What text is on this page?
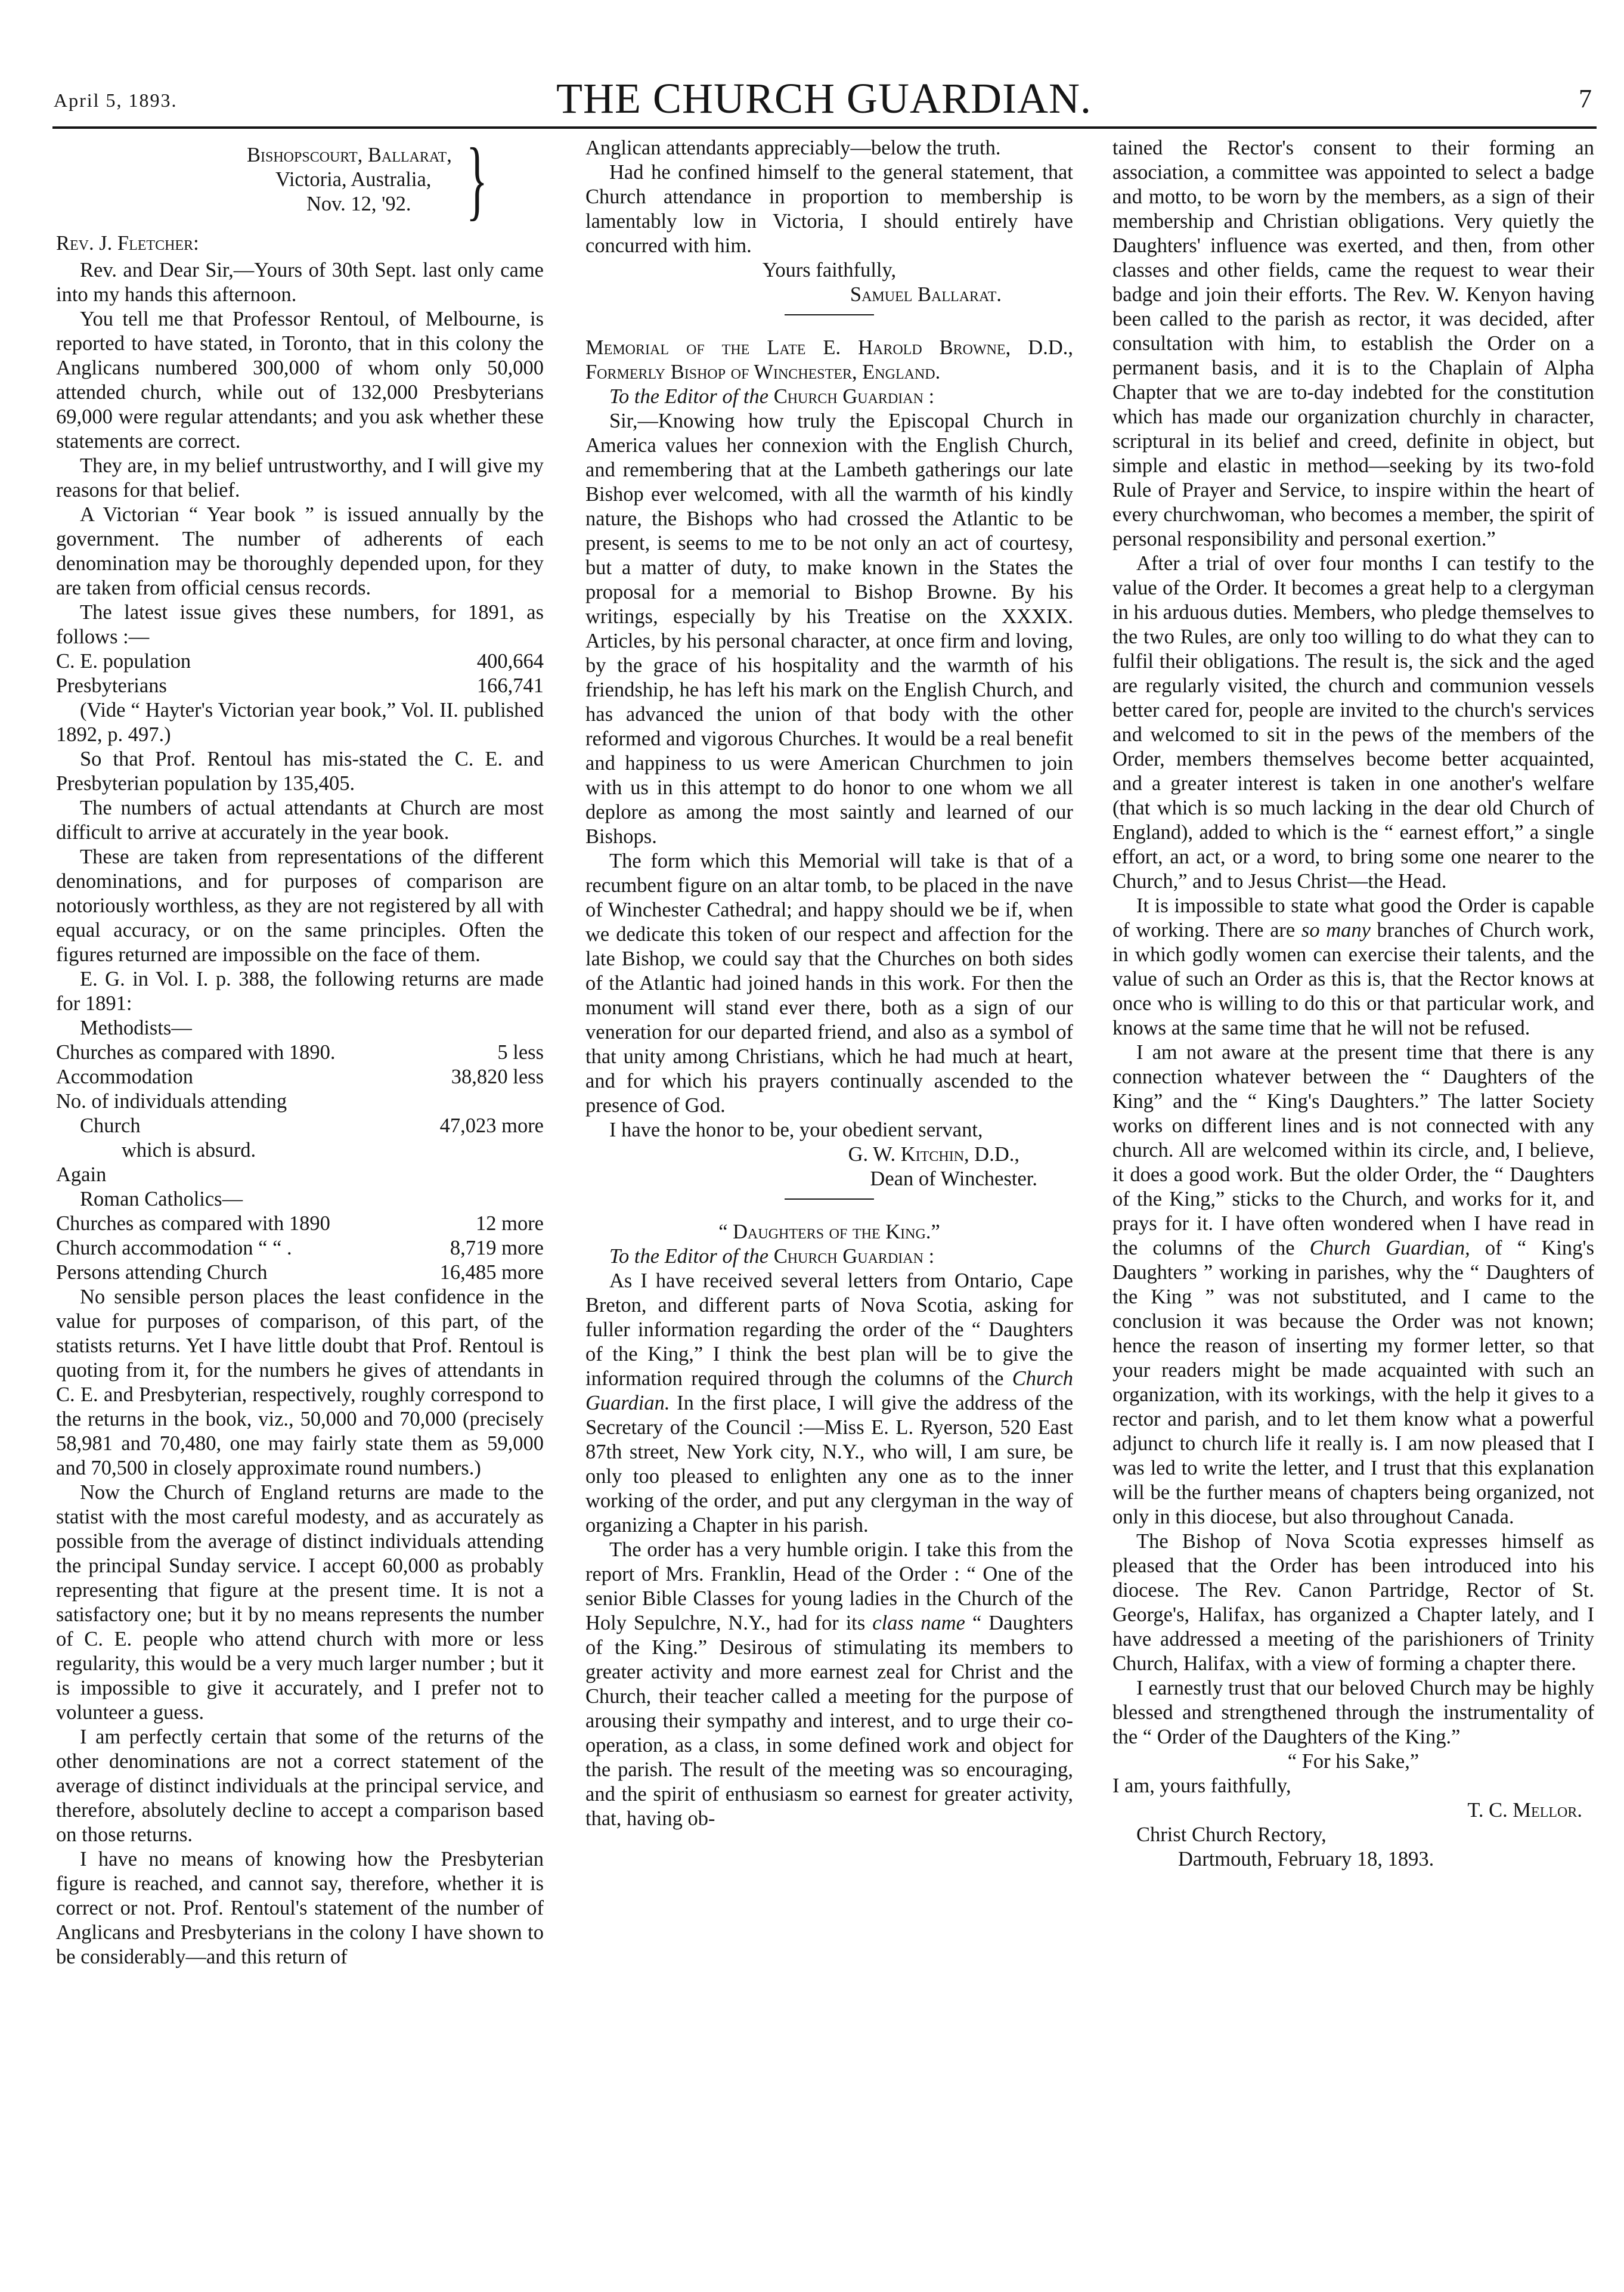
April 5, 1893.	THE CHURCH GUARDIAN.	7
Bishopscourt, Ballarat,
Victoria, Australia,
Nov. 12, '92. }
Rev. J. Fletcher:

Rev. and Dear Sir,—Yours of 30th Sept. last only came into my hands this afternoon.

You tell me that Professor Rentoul, of Melbourne, is reported to have stated, in Toronto, that in this colony the Anglicans numbered 300,000 of whom only 50,000 attended church, while out of 132,000 Presbyterians 69,000 were regular attendants; and you ask whether these statements are correct.

They are, in my belief untrustworthy, and I will give my reasons for that belief.

A Victorian “ Year book ” is issued annually by the government. The number of adherents of each denomination may be thoroughly depended upon, for they are taken from official census records.

The latest issue gives these numbers, for 1891, as follows :—

C. E. population	400,664
Presbyterians	166,741

(Vide “ Hayter's Victorian year book,” Vol. II. published 1892, p. 497.)

So that Prof. Rentoul has mis-stated the C. E. and Presbyterian population by 135,405.

The numbers of actual attendants at Church are most difficult to arrive at accurately in the year book.

These are taken from representations of the different denominations, and for purposes of comparison are notoriously worthless, as they are not registered by all with equal accuracy, or on the same principles. Often the figures returned are impossible on the face of them.

E. G. in Vol. I. p. 388, the following returns are made for 1891:

Methodists—
Churches as compared with 1890.	5 less
Accommodation	38,820 less
No. of individuals attending
Church	47,023 more
which is absurd.
Again
Roman Catholics—
Churches as compared with 1890	12 more
Church accommodation “ “ .	8,719 more
Persons attending Church	16,485 more

No sensible person places the least confidence in the value for purposes of comparison, of this part, of the statists returns. Yet I have little doubt that Prof. Rentoul is quoting from it, for the numbers he gives of attendants in C. E. and Presbyterian, respectively, roughly correspond to the returns in the book, viz., 50,000 and 70,000 (precisely 58,981 and 70,480, one may fairly state them as 59,000 and 70,500 in closely approximate round numbers.)

Now the Church of England returns are made to the statist with the most careful modesty, and as accurately as possible from the average of distinct individuals attending the principal Sunday service. I accept 60,000 as probably representing that figure at the present time. It is not a satisfactory one; but it by no means represents the number of C. E. people who attend church with more or less regularity, this would be a very much larger number ; but it is impossible to give it accurately, and I prefer not to volunteer a guess.

I am perfectly certain that some of the returns of the other denominations are not a correct statement of the average of distinct individuals at the principal service, and therefore, absolutely decline to accept a comparison based on those returns.

I have no means of knowing how the Presbyterian figure is reached, and cannot say, therefore, whether it is correct or not. Prof. Rentoul's statement of the number of Anglicans and Presbyterians in the colony I have shown to be considerably—and this return of

Anglican attendants appreciably—below the truth.

Had he confined himself to the general statement, that Church attendance in proportion to membership is lamentably low in Victoria, I should entirely have concurred with him.

Yours faithfully,
Samuel Ballarat.

Memorial of the Late E. Harold Browne, D.D., Formerly Bishop of Winchester, England.

To the Editor of the Church Guardian :

Sir,—Knowing how truly the Episcopal Church in America values her connexion with the English Church, and remembering that at the Lambeth gatherings our late Bishop ever welcomed, with all the warmth of his kindly nature, the Bishops who had crossed the Atlantic to be present, is seems to me to be not only an act of courtesy, but a matter of duty, to make known in the States the proposal for a memorial to Bishop Browne. By his writings, especially by his Treatise on the XXXIX. Articles, by his personal character, at once firm and loving, by the grace of his hospitality and the warmth of his friendship, he has left his mark on the English Church, and has advanced the union of that body with the other reformed and vigorous Churches. It would be a real benefit and happiness to us were American Churchmen to join with us in this attempt to do honor to one whom we all deplore as among the most saintly and learned of our Bishops.

The form which this Memorial will take is that of a recumbent figure on an altar tomb, to be placed in the nave of Winchester Cathedral; and happy should we be if, when we dedicate this token of our respect and affection for the late Bishop, we could say that the Churches on both sides of the Atlantic had joined hands in this work. For then the monument will stand ever there, both as a sign of our veneration for our departed friend, and also as a symbol of that unity among Christians, which he had much at heart, and for which his prayers continually ascended to the presence of God.

I have the honor to be, your obedient servant,

G. W. Kitchin, D.D.,
Dean of Winchester.

“ Daughters of the King.”

To the Editor of the Church Guardian :

As I have received several letters from Ontario, Cape Breton, and different parts of Nova Scotia, asking for fuller information regarding the order of the “ Daughters of the King,” I think the best plan will be to give the information required through the columns of the Church Guardian. In the first place, I will give the address of the Secretary of the Council :—Miss E. L. Ryerson, 520 East 87th street, New York city, N.Y., who will, I am sure, be only too pleased to enlighten any one as to the inner working of the order, and put any clergyman in the way of organizing a Chapter in his parish.

The order has a very humble origin. I take this from the report of Mrs. Franklin, Head of the Order : “ One of the senior Bible Classes for young ladies in the Church of the Holy Sepulchre, N.Y., had for its class name “ Daughters of the King.” Desirous of stimulating its members to greater activity and more earnest zeal for Christ and the Church, their teacher called a meeting for the purpose of arousing their sympathy and interest, and to urge their co-operation, as a class, in some defined work and object for the parish. The result of the meeting was so encouraging, and the spirit of enthusiasm so earnest for greater activity, that, having ob-

tained the Rector's consent to their forming an association, a committee was appointed to select a badge and motto, to be worn by the members, as a sign of their membership and Christian obligations. Very quietly the Daughters' influence was exerted, and then, from other classes and other fields, came the request to wear their badge and join their efforts. The Rev. W. Kenyon having been called to the parish as rector, it was decided, after consultation with him, to establish the Order on a permanent basis, and it is to the Chaplain of Alpha Chapter that we are to-day indebted for the constitution which has made our organization churchly in character, scriptural in its belief and creed, definite in object, but simple and elastic in method—seeking by its two-fold Rule of Prayer and Service, to inspire within the heart of every churchwoman, who becomes a member, the spirit of personal responsibility and personal exertion.”

After a trial of over four months I can testify to the value of the Order. It becomes a great help to a clergyman in his arduous duties. Members, who pledge themselves to the two Rules, are only too willing to do what they can to fulfil their obligations. The result is, the sick and the aged are regularly visited, the church and communion vessels better cared for, people are invited to the church's services and welcomed to sit in the pews of the members of the Order, members themselves become better acquainted, and a greater interest is taken in one another's welfare (that which is so much lacking in the dear old Church of England), added to which is the “ earnest effort,” a single effort, an act, or a word, to bring some one nearer to the Church,” and to Jesus Christ—the Head.

It is impossible to state what good the Order is capable of working. There are so many branches of Church work, in which godly women can exercise their talents, and the value of such an Order as this is, that the Rector knows at once who is willing to do this or that particular work, and knows at the same time that he will not be refused.

I am not aware at the present time that there is any connection whatever between the “ Daughters of the King” and the “ King's Daughters.” The latter Society works on different lines and is not connected with any church. All are welcomed within its circle, and, I believe, it does a good work. But the older Order, the “ Daughters of the King,” sticks to the Church, and works for it, and prays for it. I have often wondered when I have read in the columns of the Church Guardian, of “ King's Daughters ” working in parishes, why the “ Daughters of the King ” was not substituted, and I came to the conclusion it was because the Order was not known; hence the reason of inserting my former letter, so that your readers might be made acquainted with such an organization, with its workings, with the help it gives to a rector and parish, and to let them know what a powerful adjunct to church life it really is. I am now pleased that I was led to write the letter, and I trust that this explanation will be the further means of chapters being organized, not only in this diocese, but also throughout Canada.

The Bishop of Nova Scotia expresses himself as pleased that the Order has been introduced into his diocese. The Rev. Canon Partridge, Rector of St. George's, Halifax, has organized a Chapter lately, and I have addressed a meeting of the parishioners of Trinity Church, Halifax, with a view of forming a chapter there.

I earnestly trust that our beloved Church may be highly blessed and strengthened through the instrumentality of the “ Order of the Daughters of the King.”

“ For his Sake,”
I am, yours faithfully,
T. C. Mellor.
Christ Church Rectory,
Dartmouth, February 18, 1893.
